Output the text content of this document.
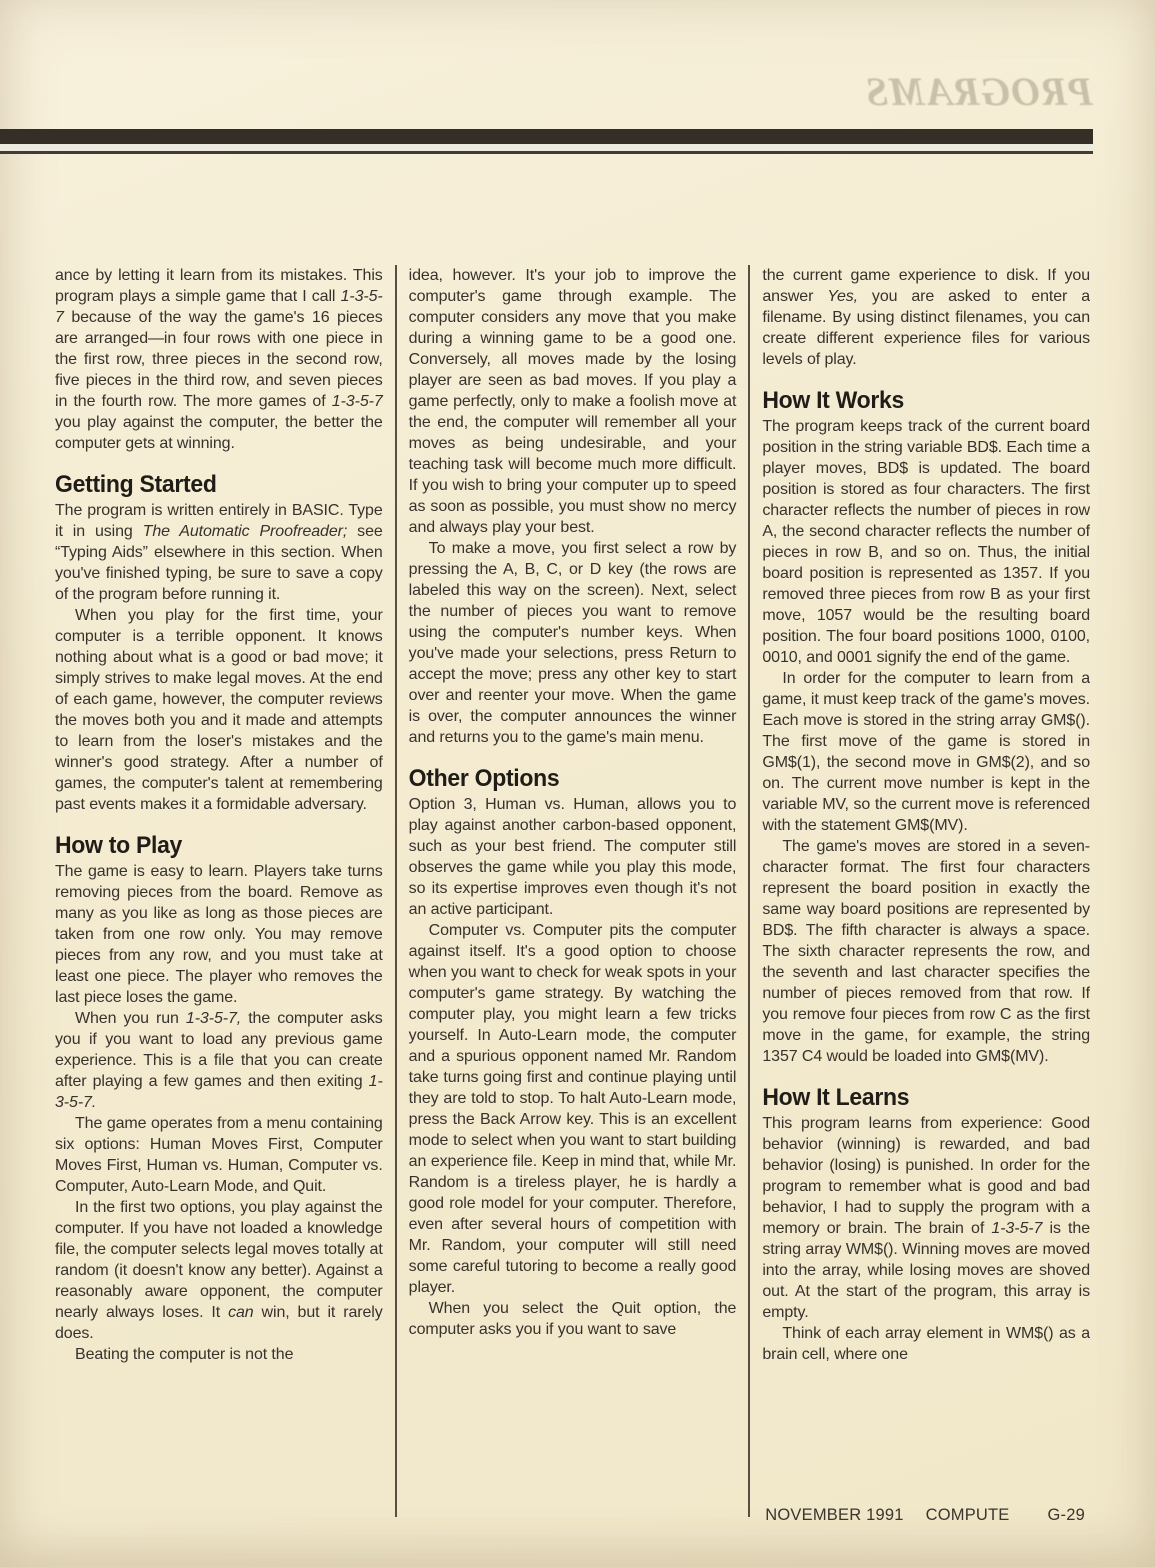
PROGRAMS

ance by letting it learn from its mistakes. This program plays a simple game that I call 1-3-5-7 because of the way the game's 16 pieces are arranged—in four rows with one piece in the first row, three pieces in the second row, five pieces in the third row, and seven pieces in the fourth row. The more games of 1-3-5-7 you play against the computer, the better the computer gets at winning.

Getting Started

The program is written entirely in BASIC. Type it in using The Automatic Proofreader; see “Typing Aids” elsewhere in this section. When you've finished typing, be sure to save a copy of the program before running it.

When you play for the first time, your computer is a terrible opponent. It knows nothing about what is a good or bad move; it simply strives to make legal moves. At the end of each game, however, the computer reviews the moves both you and it made and attempts to learn from the loser's mistakes and the winner's good strategy. After a number of games, the computer's talent at remembering past events makes it a formidable adversary.

How to Play

The game is easy to learn. Players take turns removing pieces from the board. Remove as many as you like as long as those pieces are taken from one row only. You may remove pieces from any row, and you must take at least one piece. The player who removes the last piece loses the game.

When you run 1-3-5-7, the computer asks you if you want to load any previous game experience. This is a file that you can create after playing a few games and then exiting 1-3-5-7.

The game operates from a menu containing six options: Human Moves First, Computer Moves First, Human vs. Human, Computer vs. Computer, Auto-Learn Mode, and Quit.

In the first two options, you play against the computer. If you have not loaded a knowledge file, the computer selects legal moves totally at random (it doesn't know any better). Against a reasonably aware opponent, the computer nearly always loses. It can win, but it rarely does.

Beating the computer is not the

idea, however. It's your job to improve the computer's game through example. The computer considers any move that you make during a winning game to be a good one. Conversely, all moves made by the losing player are seen as bad moves. If you play a game perfectly, only to make a foolish move at the end, the computer will remember all your moves as being undesirable, and your teaching task will become much more difficult. If you wish to bring your computer up to speed as soon as possible, you must show no mercy and always play your best.

To make a move, you first select a row by pressing the A, B, C, or D key (the rows are labeled this way on the screen). Next, select the number of pieces you want to remove using the computer's number keys. When you've made your selections, press Return to accept the move; press any other key to start over and reenter your move. When the game is over, the computer announces the winner and returns you to the game's main menu.

Other Options

Option 3, Human vs. Human, allows you to play against another carbon-based opponent, such as your best friend. The computer still observes the game while you play this mode, so its expertise improves even though it's not an active participant.

Computer vs. Computer pits the computer against itself. It's a good option to choose when you want to check for weak spots in your computer's game strategy. By watching the computer play, you might learn a few tricks yourself. In Auto-Learn mode, the computer and a spurious opponent named Mr. Random take turns going first and continue playing until they are told to stop. To halt Auto-Learn mode, press the Back Arrow key. This is an excellent mode to select when you want to start building an experience file. Keep in mind that, while Mr. Random is a tireless player, he is hardly a good role model for your computer. Therefore, even after several hours of competition with Mr. Random, your computer will still need some careful tutoring to become a really good player.

When you select the Quit option, the computer asks you if you want to save

the current game experience to disk. If you answer Yes, you are asked to enter a filename. By using distinct filenames, you can create different experience files for various levels of play.

How It Works

The program keeps track of the current board position in the string variable BD$. Each time a player moves, BD$ is updated. The board position is stored as four characters. The first character reflects the number of pieces in row A, the second character reflects the number of pieces in row B, and so on. Thus, the initial board position is represented as 1357. If you removed three pieces from row B as your first move, 1057 would be the resulting board position. The four board positions 1000, 0100, 0010, and 0001 signify the end of the game.

In order for the computer to learn from a game, it must keep track of the game's moves. Each move is stored in the string array GM$(). The first move of the game is stored in GM$(1), the second move in GM$(2), and so on. The current move number is kept in the variable MV, so the current move is referenced with the statement GM$(MV).

The game's moves are stored in a seven-character format. The first four characters represent the board position in exactly the same way board positions are represented by BD$. The fifth character is always a space. The sixth character represents the row, and the seventh and last character specifies the number of pieces removed from that row. If you remove four pieces from row C as the first move in the game, for example, the string 1357 C4 would be loaded into GM$(MV).

How It Learns

This program learns from experience: Good behavior (winning) is rewarded, and bad behavior (losing) is punished. In order for the program to remember what is good and bad behavior, I had to supply the program with a memory or brain. The brain of 1-3-5-7 is the string array WM$(). Winning moves are moved into the array, while losing moves are shoved out. At the start of the program, this array is empty.

Think of each array element in WM$() as a brain cell, where one

NOVEMBER 1991 COMPUTE G-29
